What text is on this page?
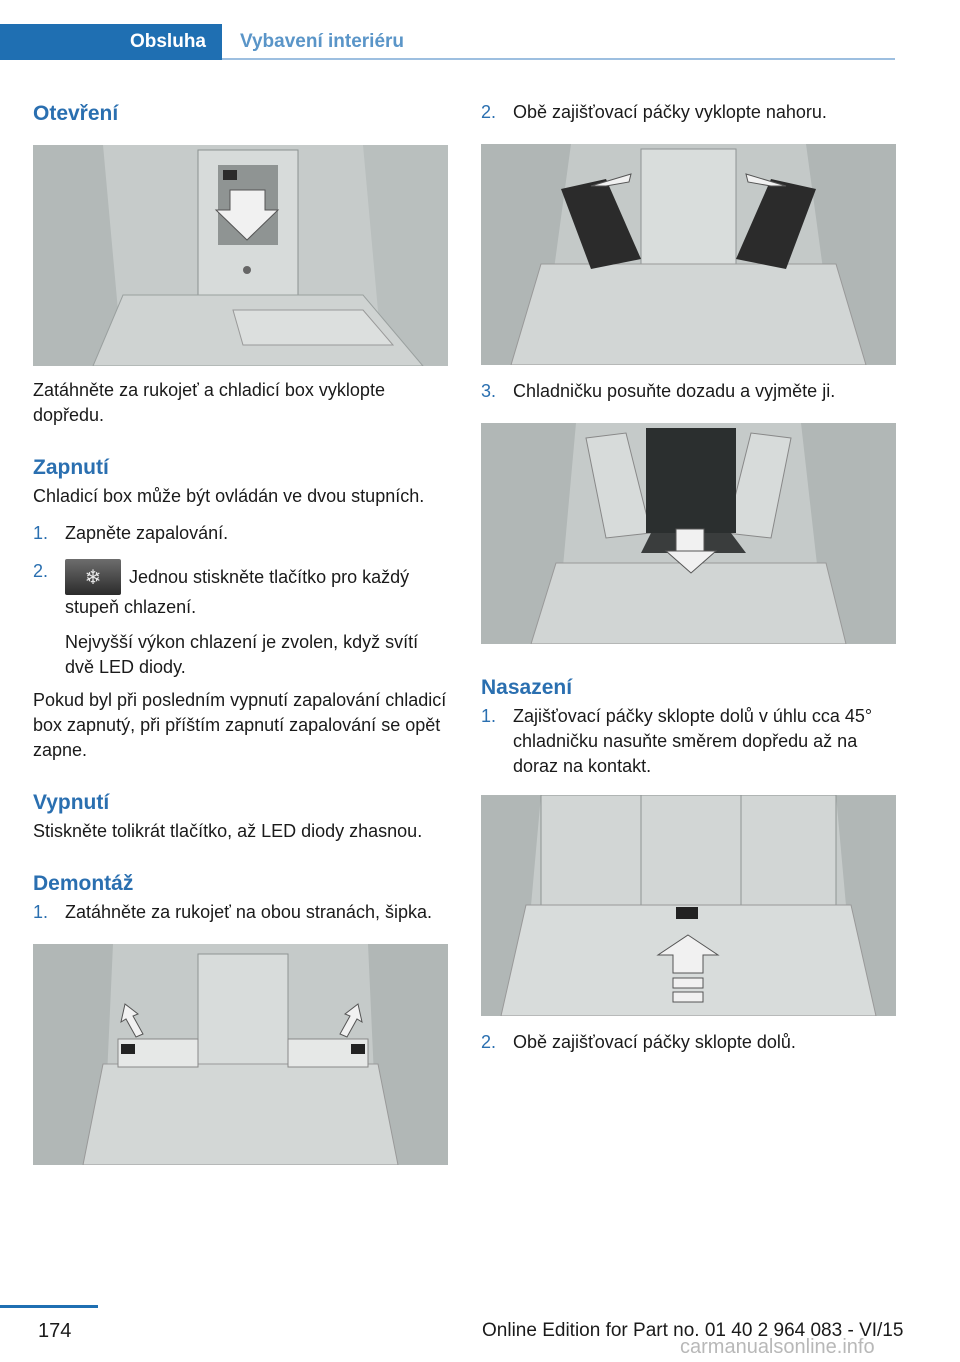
Obsluha Vybavení interiéru
Otevření

Zatáhněte za rukojeť a chladicí box vyklopte dopředu.

Zapnutí

Chladicí box může být ovládán ve dvou stupních.

1. Zapněte zapalování.
2.	❄	Jednou stiskněte tlačítko pro každý stupeň chlazení.
Nejvyšší výkon chlazení je zvolen, když svítí dvě LED diody.

Pokud byl při posledním vypnutí zapalování chladicí box zapnutý, při příštím zapnutí zapalování se opět zapne.

Vypnutí

Stiskněte tolikrát tlačítko, až LED diody zhasnou.

Demontáž
1. Zatáhněte za rukojeť na obou stranách, šipka.
2. Obě zajišťovací páčky vyklopte nahoru.
3. Chladničku posuňte dozadu a vyjměte ji.
Nasazení
1. Zajišťovací páčky sklopte dolů v úhlu cca 45° chladničku nasuňte směrem dopředu až na doraz na kontakt.
2. Obě zajišťovací páčky sklopte dolů.
174	Online Edition for Part no. 01 40 2 964 083 - VI/15
carmanualsonline.info
